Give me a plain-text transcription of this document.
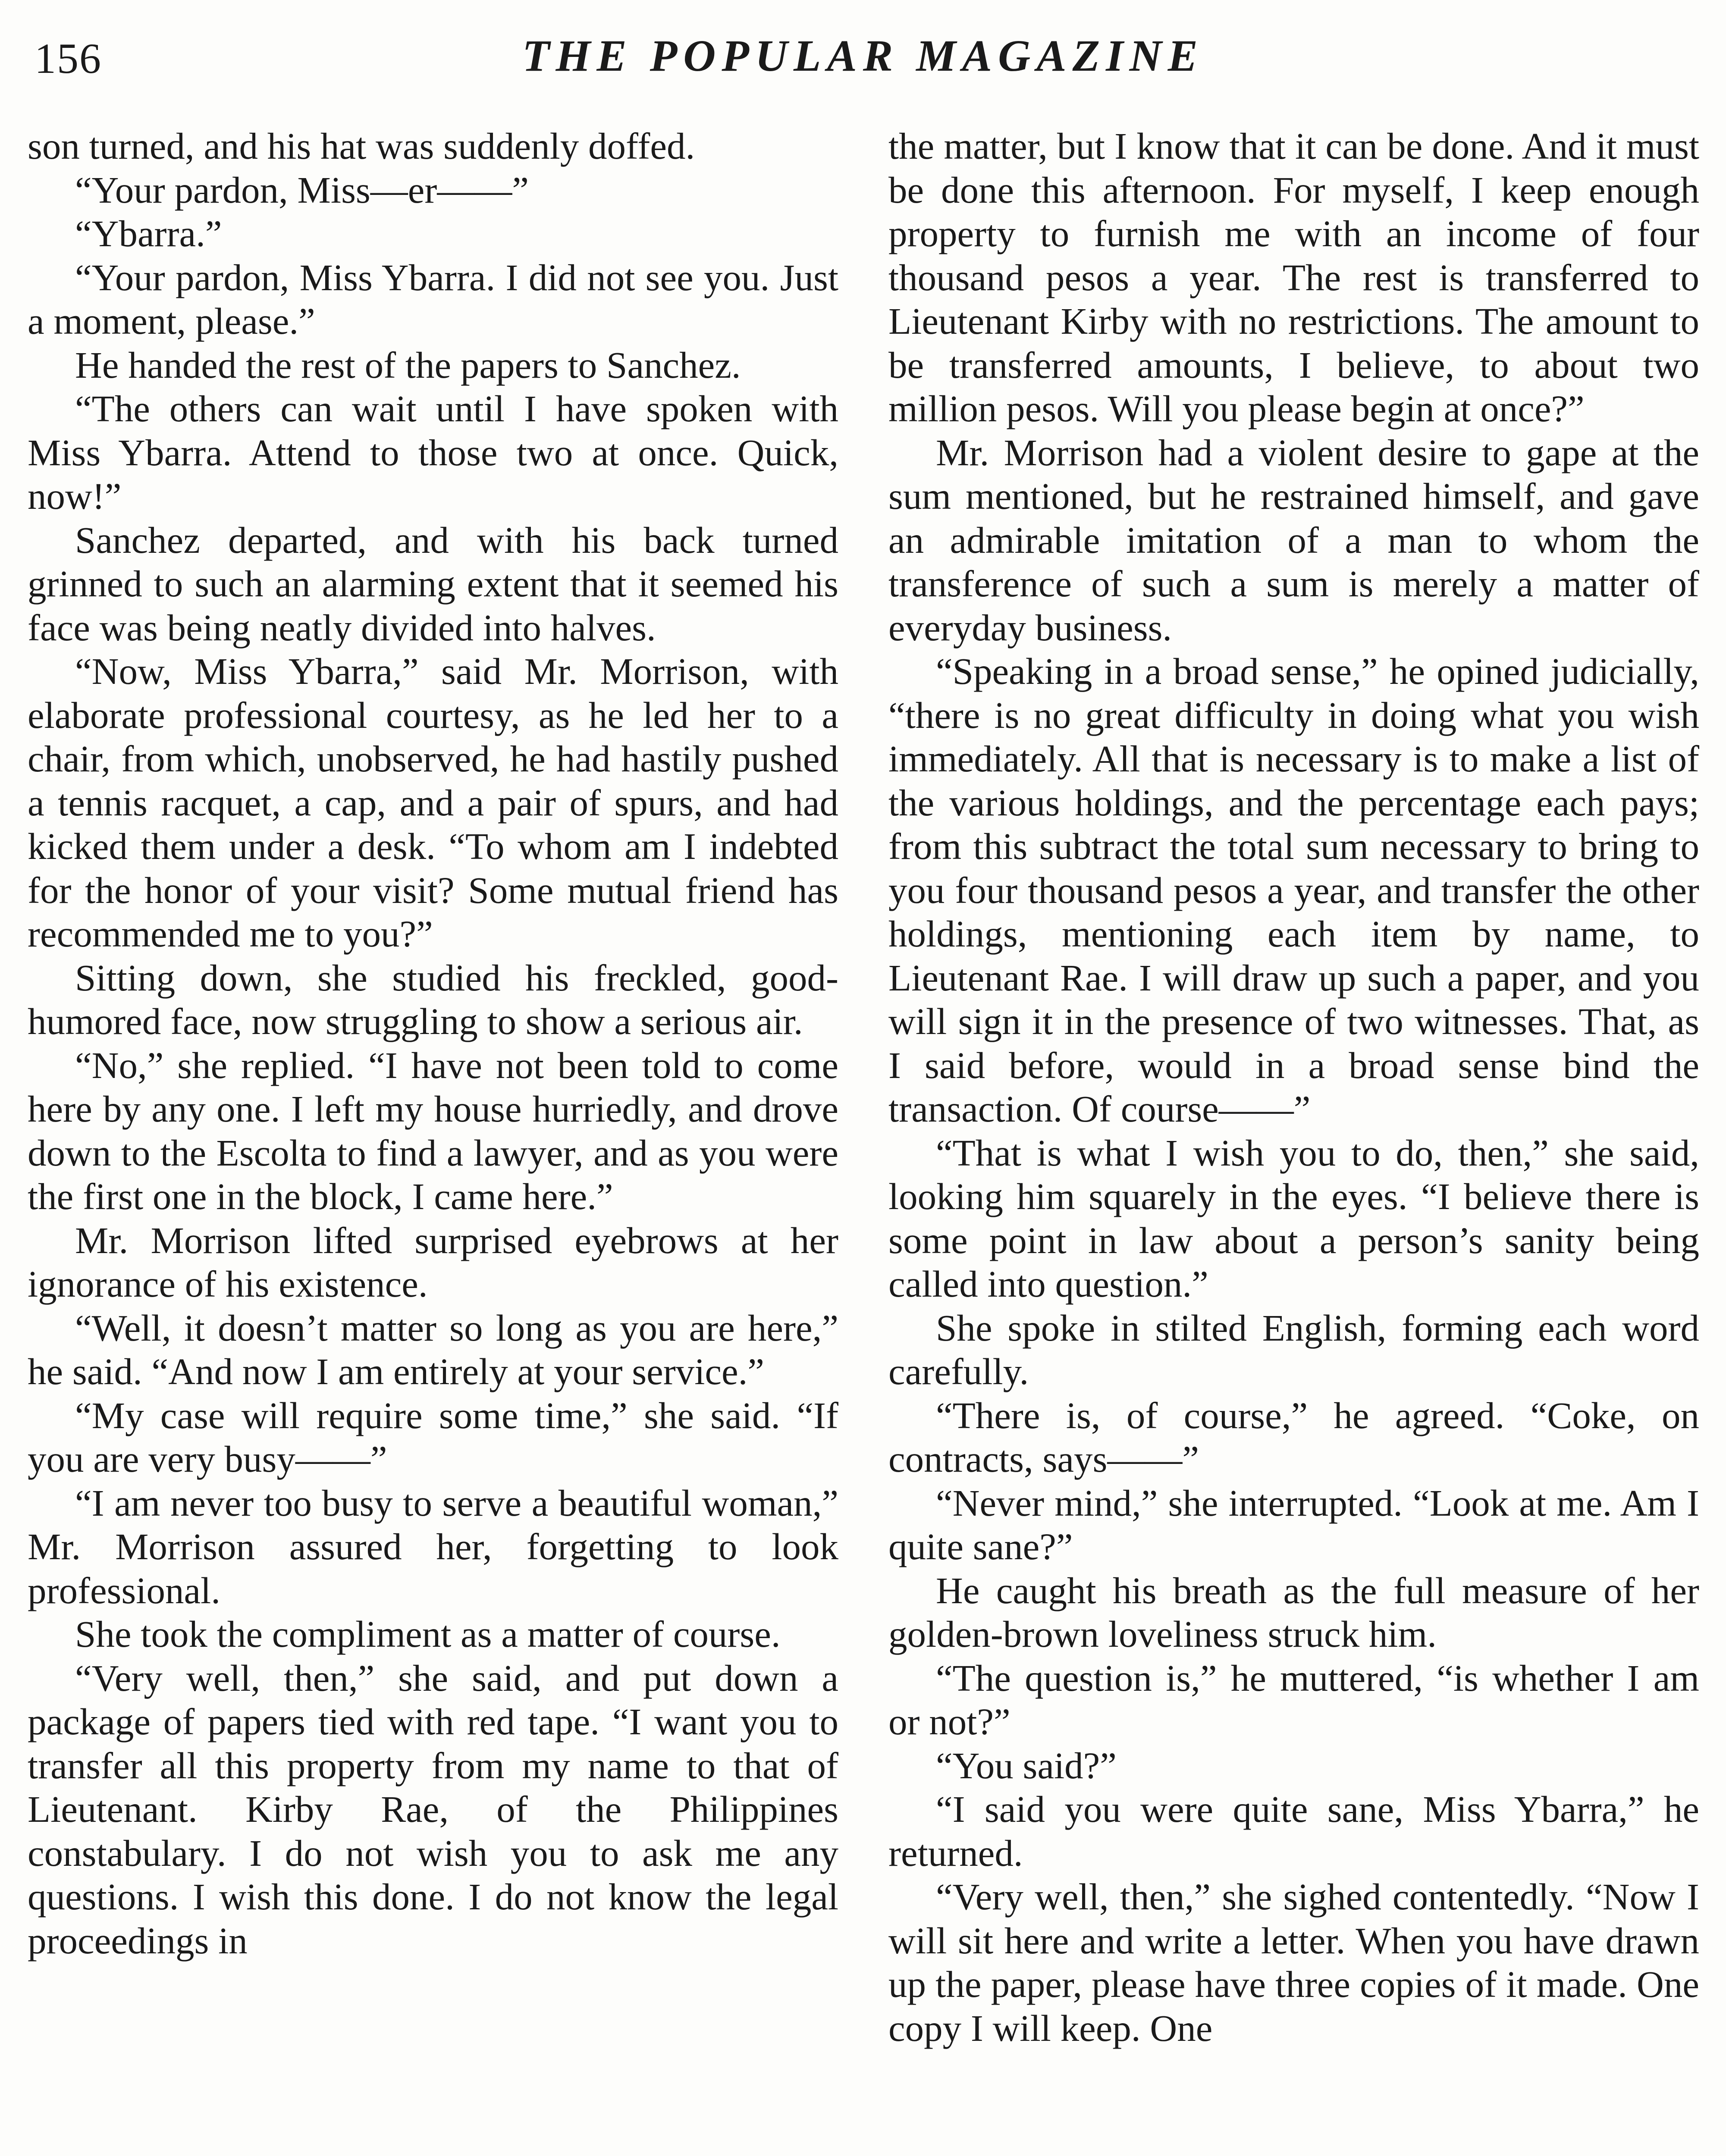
156	THE POPULAR MAGAZINE

son turned, and his hat was suddenly doffed.

“Your pardon, Miss—er——”

“Ybarra.”

“Your pardon, Miss Ybarra. I did not see you. Just a moment, please.”

He handed the rest of the papers to Sanchez.

“The others can wait until I have spoken with Miss Ybarra. Attend to those two at once. Quick, now!”

Sanchez departed, and with his back turned grinned to such an alarming extent that it seemed his face was being neatly divided into halves.

“Now, Miss Ybarra,” said Mr. Morrison, with elaborate professional courtesy, as he led her to a chair, from which, unobserved, he had hastily pushed a tennis racquet, a cap, and a pair of spurs, and had kicked them under a desk. “To whom am I indebted for the honor of your visit? Some mutual friend has recommended me to you?”

Sitting down, she studied his freckled, good-humored face, now struggling to show a serious air.

“No,” she replied. “I have not been told to come here by any one. I left my house hurriedly, and drove down to the Escolta to find a lawyer, and as you were the first one in the block, I came here.”

Mr. Morrison lifted surprised eyebrows at her ignorance of his existence.

“Well, it doesn’t matter so long as you are here,” he said. “And now I am entirely at your service.”

“My case will require some time,” she said. “If you are very busy——”

“I am never too busy to serve a beautiful woman,” Mr. Morrison assured her, forgetting to look professional.

She took the compliment as a matter of course.

“Very well, then,” she said, and put down a package of papers tied with red tape. “I want you to transfer all this property from my name to that of Lieutenant. Kirby Rae, of the Philippines constabulary. I do not wish you to ask me any questions. I wish this done. I do not know the legal proceedings in

the matter, but I know that it can be done. And it must be done this afternoon. For myself, I keep enough property to furnish me with an income of four thousand pesos a year. The rest is transferred to Lieutenant Kirby with no restrictions. The amount to be transferred amounts, I believe, to about two million pesos. Will you please begin at once?”

Mr. Morrison had a violent desire to gape at the sum mentioned, but he restrained himself, and gave an admirable imitation of a man to whom the transference of such a sum is merely a matter of everyday business.

“Speaking in a broad sense,” he opined judicially, “there is no great difficulty in doing what you wish immediately. All that is necessary is to make a list of the various holdings, and the percentage each pays; from this subtract the total sum necessary to bring to you four thousand pesos a year, and transfer the other holdings, mentioning each item by name, to Lieutenant Rae. I will draw up such a paper, and you will sign it in the presence of two witnesses. That, as I said before, would in a broad sense bind the transaction. Of course——”

“That is what I wish you to do, then,” she said, looking him squarely in the eyes. “I believe there is some point in law about a person’s sanity being called into question.”

She spoke in stilted English, forming each word carefully.

“There is, of course,” he agreed. “Coke, on contracts, says——”

“Never mind,” she interrupted. “Look at me. Am I quite sane?”

He caught his breath as the full measure of her golden-brown loveliness struck him.

“The question is,” he muttered, “is whether I am or not?”

“You said?”

“I said you were quite sane, Miss Ybarra,” he returned.

“Very well, then,” she sighed contentedly. “Now I will sit here and write a letter. When you have drawn up the paper, please have three copies of it made. One copy I will keep. One
